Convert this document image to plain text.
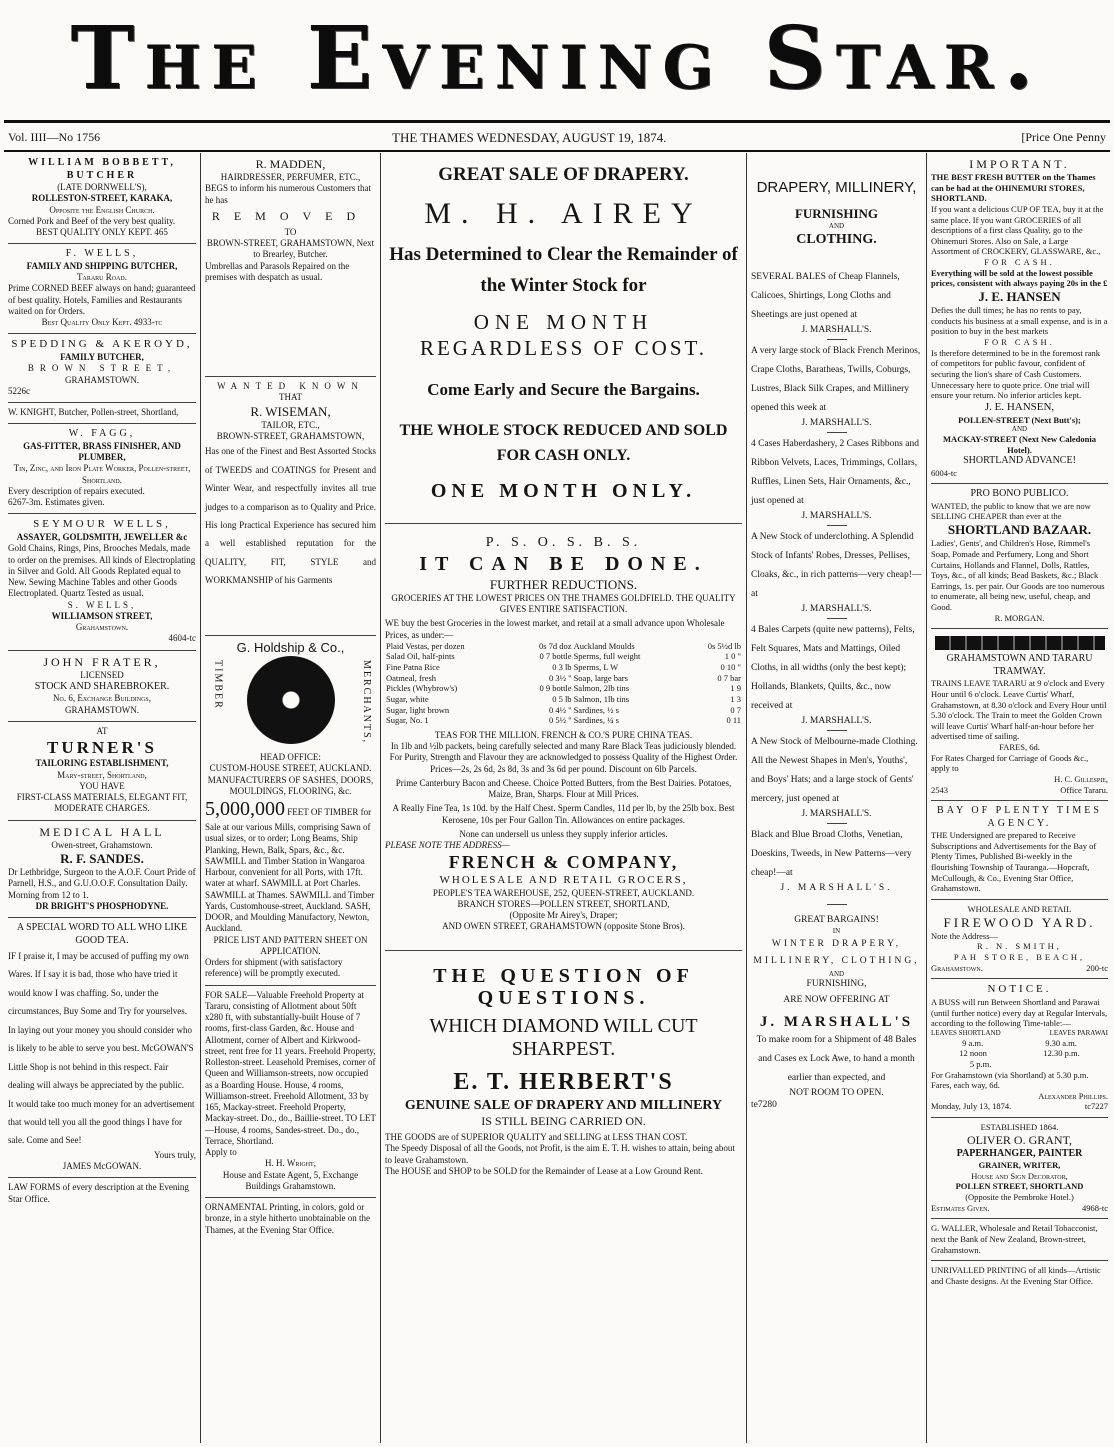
The Evening Star.
Vol. IIII—No 1756	THE THAMES WEDNESDAY, AUGUST 19, 1874.	[Price One Penny
WILLIAM BOBBETT, BUTCHER
(LATE DORNWELL'S),
ROLLESTON-STREET, KARAKA,
Opposite the English Church.
Corned Pork and Beef of the very best quality.
BEST QUALITY ONLY KEPT. 465
F. WELLS,
FAMILY AND SHIPPING BUTCHER,
Tararu Road.
Prime CORNED BEEF always on hand; guaranteed of best quality. Hotels, Families and Restaurants waited on for Orders.
Best Quality Only Kept. 4933-tc
SPEDDING & AKEROYD,
FAMILY BUTCHER,
BROWN STREET,
GRAHAMSTOWN.
5226c
W. KNIGHT, Butcher, Pollen-street, Shortland,
W. FAGG,
GAS-FITTER, BRASS FINISHER, AND PLUMBER,
Tin, Zinc, and Iron Plate Worker, Pollen-street, Shortland.
Every description of repairs executed.
6267-3m. Estimates given.
SEYMOUR WELLS,
ASSAYER, GOLDSMITH, JEWELLER &c
Gold Chains, Rings, Pins, Brooches Medals, made to order on the premises. All kinds of Electroplating in Silver and Gold. All Goods Replated equal to New. Sewing Machine Tables and other Goods Electroplated. Quartz Tested as usual.
S. WELLS,
WILLIAMSON STREET,
Grahamstown.
4604-tc
JOHN FRATER,
LICENSED
STOCK AND SHAREBROKER.
No. 6, Exchange Buildings,
GRAHAMSTOWN.
AT
TURNER'S
TAILORING ESTABLISHMENT,
Mary-street, Shortland,
YOU HAVE
FIRST-CLASS MATERIALS, ELEGANT FIT, MODERATE CHARGES.
MEDICAL HALL
Owen-street, Grahamstown.
R. F. SANDES.
Dr Lethbridge, Surgeon to the A.O.F. Court Pride of Parnell, H.S., and G.U.O.O.F. Consultation Daily. Morning from 12 to 1.
DR BRIGHT'S PHOSPHODYNE.
A SPECIAL WORD TO ALL WHO LIKE GOOD TEA.
IF I praise it, I may be accused of puffing my own Wares. If I say it is bad, those who have tried it would know I was chaffing. So, under the circumstances, Buy Some and Try for yourselves.
In laying out your money you should consider who is likely to be able to serve you best. McGOWAN'S Little Shop is not behind in this respect. Fair dealing will always be appreciated by the public.
It would take too much money for an advertisement that would tell you all the good things I have for sale. Come and See!
Yours truly,
JAMES McGOWAN.
LAW FORMS of every description at the Evening Star Office.
R. MADDEN,
HAIRDRESSER, PERFUMER, ETC.,
BEGS to inform his numerous Customers that he has
REMOVED
TO
BROWN-STREET, GRAHAMSTOWN, Next to Brearley, Butcher.
Umbrellas and Parasols Repaired on the premises with despatch as usual.
WANTED KNOWN
THAT
R. WISEMAN,
TAILOR, ETC.,
BROWN-STREET, GRAHAMSTOWN,
Has one of the Finest and Best Assorted Stocks of TWEEDS and COATINGS for Present and Winter Wear, and respectfully invites all true judges to a comparison as to Quality and Price. His long Practical Experience has secured him a well established reputation for the QUALITY, FIT, STYLE and WORKMANSHIP of his Garments
G. Holdship & Co.,
TIMBER	MERCHANTS,
HEAD OFFICE:
CUSTOM-HOUSE STREET, AUCKLAND.
MANUFACTURERS OF SASHES, DOORS, MOULDINGS, FLOORING, &c.
5,000,000 FEET OF TIMBER for Sale at our various Mills, comprising Sawn of usual sizes, or to order; Long Beams, Ship Planking, Hewn, Balk, Spars, &c., &c.
SAWMILL and Timber Station in Wangaroa Harbour, convenient for all Ports, with 17ft. water at wharf. SAWMILL at Port Charles. SAWMILL at Thames. SAWMILL and Timber Yards, Customhouse-street, Auckland. SASH, DOOR, and Moulding Manufactory, Newton, Auckland.
PRICE LIST AND PATTERN SHEET ON APPLICATION.
Orders for shipment (with satisfactory reference) will be promptly executed.
FOR SALE—Valuable Freehold Property at Tararu, consisting of Allotment about 50ft x280 ft, with substantially-built House of 7 rooms, first-class Garden, &c. House and Allotment, corner of Albert and Kirkwood-street, rent free for 11 years. Freehold Property, Rolleston-street. Leasehold Premises, corner of Queen and Williamson-streets, now occupied as a Boarding House. House, 4 rooms, Williamson-street. Freehold Allotment, 33 by 165, Mackay-street. Freehold Property, Mackay-street. Do., do., Baillie-street. TO LET—House, 4 rooms, Sandes-street. Do., do., Terrace, Shortland.
Apply to
H. H. Wright,
House and Estate Agent, 5, Exchange Buildings Grahamstown.
ORNAMENTAL Printing, in colors, gold or bronze, in a style hitherto unobtainable on the Thames, at the Evening Star Office.
GREAT SALE OF DRAPERY.
M. H. AIREY
Has Determined to Clear the Remainder of the Winter Stock for
ONE MONTH
REGARDLESS OF COST.
Come Early and Secure the Bargains.
THE WHOLE STOCK REDUCED AND SOLD FOR CASH ONLY.
ONE MONTH ONLY.
P. S. O. S. B. S.
IT CAN BE DONE.
FURTHER REDUCTIONS.
GROCERIES AT THE LOWEST PRICES ON THE THAMES GOLDFIELD. THE QUALITY GIVES ENTIRE SATISFACTION.
WE buy the best Groceries in the lowest market, and retail at a small advance upon Wholesale Prices, as under:—
Plaid Vestas, per dozen	0s 7d doz	Auckland Moulds	0s 5½d lb
Salad Oil, half-pints	0 7 bottle	Sperms, full weight	1 0 "
Fine Patna Rice	0 3 lb	Sperms, L W	0 10 "
Oatmeal, fresh	0 3½ "	Soap, large bars	0 7 bar
Pickles (Whybrow's)	0 9 bottle	Salmon, 2lb tins	1 9
Sugar, white	0 5 lb	Salmon, 1lb tins	1 3
Sugar, light brown	0 4½ "	Sardines, ½ s	0 7
Sugar, No. 1	0 5½ "	Sardines, ¼ s	0 11
TEAS FOR THE MILLION. FRENCH & CO.'S PURE CHINA TEAS.
In 1lb and ½lb packets, being carefully selected and many Rare Black Teas judiciously blended. For Purity, Strength and Flavour they are acknowledged to possess Quality of the Highest Order. Prices—2s, 2s 6d, 2s 8d, 3s and 3s 6d per pound. Discount on 6lb Parcels.
Prime Canterbury Bacon and Cheese. Choice Potted Butters, from the Best Dairies. Potatoes, Maize, Bran, Sharps. Flour at Mill Prices.
A Really Fine Tea, 1s 10d. by the Half Chest. Sperm Candles, 11d per lb, by the 25lb box. Best Kerosene, 10s per Four Gallon Tin. Allowances on entire packages.
None can undersell us unless they supply inferior articles.
PLEASE NOTE THE ADDRESS—
FRENCH & COMPANY,
WHOLESALE AND RETAIL GROCERS,
PEOPLE'S TEA WAREHOUSE, 252, QUEEN-STREET, AUCKLAND.
BRANCH STORES—POLLEN STREET, SHORTLAND,
(Opposite Mr Airey's, Draper;
AND OWEN STREET, GRAHAMSTOWN (opposite Stone Bros).
THE QUESTION OF QUESTIONS.
WHICH DIAMOND WILL CUT SHARPEST.
E. T. HERBERT'S
GENUINE SALE OF DRAPERY AND MILLINERY
IS STILL BEING CARRIED ON.
THE GOODS are of SUPERIOR QUALITY and SELLING at LESS THAN COST.
The Speedy Disposal of all the Goods, not Profit, is the aim E. T. H. wishes to attain, being about to leave Grahamstown.
The HOUSE and SHOP to be SOLD for the Remainder of Lease at a Low Ground Rent.
DRAPERY, MILLINERY,
FURNISHING
AND
CLOTHING.
SEVERAL BALES of Cheap Flannels, Calicoes, Shirtings, Long Cloths and Sheetings are just opened at
J. MARSHALL'S.
A very large stock of Black French Merinos, Crape Cloths, Baratheas, Twills, Coburgs, Lustres, Black Silk Crapes, and Millinery opened this week at
J. MARSHALL'S.
4 Cases Haberdashery, 2 Cases Ribbons and Ribbon Velvets, Laces, Trimmings, Collars, Ruffles, Linen Sets, Hair Ornaments, &c., just opened at
J. MARSHALL'S.
A New Stock of underclothing. A Splendid Stock of Infants' Robes, Dresses, Pellises, Cloaks, &c., in rich patterns—very cheap!—at
J. MARSHALL'S.
4 Bales Carpets (quite new patterns), Felts, Felt Squares, Mats and Mattings, Oiled Cloths, in all widths (only the best kept); Hollands, Blankets, Quilts, &c., now received at
J. MARSHALL'S.
A New Stock of Melbourne-made Clothing. All the Newest Shapes in Men's, Youths', and Boys' Hats; and a large stock of Gents' mercery, just opened at
J. MARSHALL'S.
Black and Blue Broad Cloths, Venetian, Doeskins, Tweeds, in New Patterns—very cheap!—at
J. MARSHALL'S.
GREAT BARGAINS!
IN
WINTER DRAPERY, MILLINERY, CLOTHING,
AND
FURNISHING,
ARE NOW OFFERING AT
J. MARSHALL'S
To make room for a Shipment of 48 Bales and Cases ex Lock Awe, to hand a month earlier than expected, and
NOT ROOM TO OPEN.
te7280
IMPORTANT.
THE BEST FRESH BUTTER on the Thames can be had at the OHINEMURI STORES, SHORTLAND.
If you want a delicious CUP OF TEA, buy it at the same place. If you want GROCERIES of all descriptions of a first class Quality, go to the Ohinemuri Stores. Also on Sale, a Large Assortment of CROCKERY, GLASSWARE, &c.,
FOR CASH.
Everything will be sold at the lowest possible prices, consistent with always paying 20s in the £
J. E. HANSEN
Defies the dull times; he has no rents to pay, conducts his business at a small expense, and is in a position to buy in the best markets
FOR CASH.
Is therefore determined to be in the foremost rank of competitors for public favour, confident of securing the lion's share of Cash Customers. Unnecessary here to quote price. One trial will ensure your return. No inferior articles kept.
J. E. HANSEN,
POLLEN-STREET (Next Butt's);
AND
MACKAY-STREET (Next New Caledonia Hotel).
SHORTLAND ADVANCE!
6004-tc
PRO BONO PUBLICO.
WANTED, the public to know that we are now SELLING CHEAPER than ever at the
SHORTLAND BAZAAR.
Ladies', Gents', and Children's Hose, Rimmel's Soap, Pomade and Perfumery, Long and Short Curtains, Hollands and Flannel, Dolls, Rattles, Toys, &c., of all kinds; Bead Baskets, &c.; Black Earrings, 1s. per pair. Our Goods are too numerous to enumerate, all being new, useful, cheap, and Good.
R. MORGAN.
GRAHAMSTOWN AND TARARU TRAMWAY.
TRAINS LEAVE TARARU at 9 o'clock and Every Hour until 6 o'clock. Leave Curtis' Wharf, Grahamstown, at 8.30 o'clock and Every Hour until 5.30 o'clock. The Train to meet the Golden Crown will leave Curtis' Wharf half-an-hour before her advertised time of sailing.
FARES, 6d.
For Rates Charged for Carriage of Goods &c., apply to
H. C. Gillespie,
2543	Office Tararu.
BAY OF PLENTY TIMES AGENCY.
THE Undersigned are prepared to Receive Subscriptions and Advertisements for the Bay of Plenty Times, Published Bi-weekly in the flourishing Township of Tauranga.—Hopcraft, McCullough, & Co., Evening Star Office, Grahamstown.
WHOLESALE AND RETAIL
FIREWOOD YARD.
Note the Address—
R. N. SMITH,
PAH STORE, BEACH,
Grahamstown.	200-tc
NOTICE.
A BUSS will run Between Shortland and Parawai (until further notice) every day at Regular Intervals, according to the following Time-table:—
LEAVES SHORTLAND	LEAVES PARAWAI
9 a.m.	9.30 a.m.
12 noon	12.30 p.m.
5 p.m.
For Grahamstown (via Shortland) at 5.30 p.m. Fares, each way, 6d.
Alexander Phillips.
Monday, July 13, 1874.	tc7227
ESTABLISHED 1864.
OLIVER O. GRANT,
PAPERHANGER, PAINTER
GRAINER, WRITER,
House and Sign Decorator,
POLLEN STREET, SHORTLAND
(Opposite the Pembroke Hotel.)
Estimates Given.	4968-tc
G. WALLER, Wholesale and Retail Tobacconist, next the Bank of New Zealand, Brown-street, Grahamstown.
UNRIVALLED PRINTING of all kinds—Artistic and Chaste designs. At the Evening Star Office.
